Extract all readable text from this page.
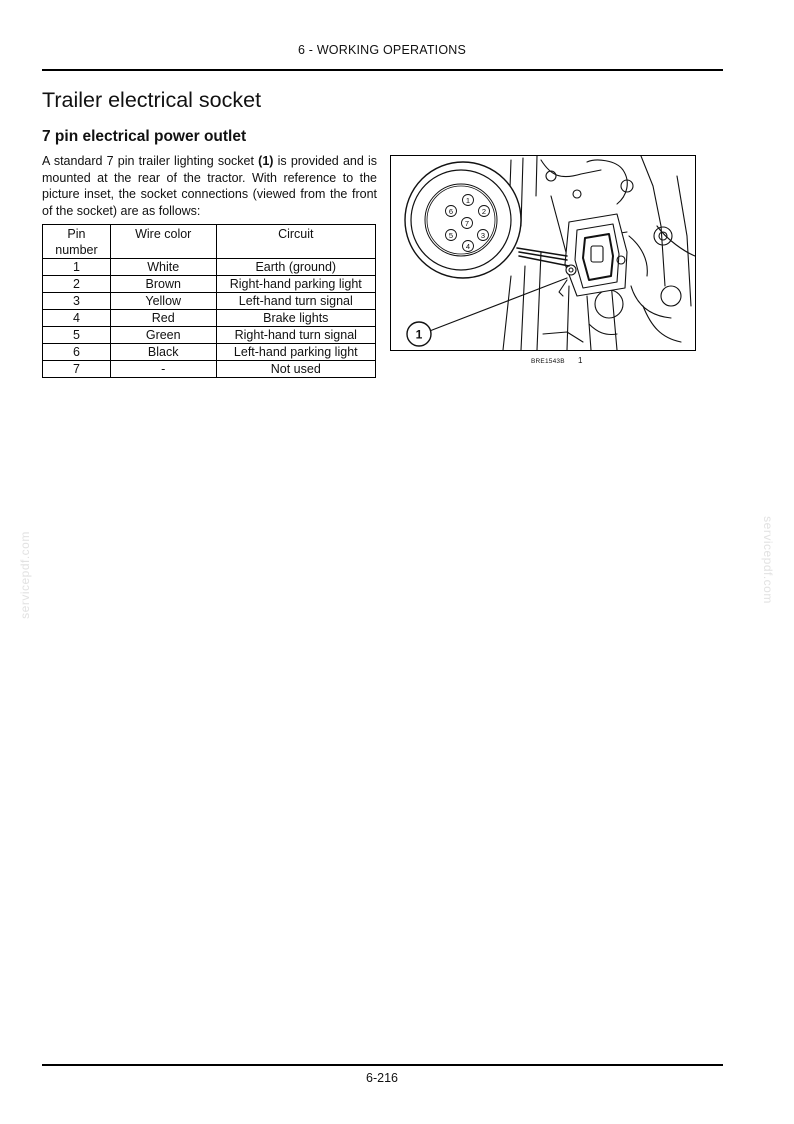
6 - WORKING OPERATIONS
Trailer electrical socket
7 pin electrical power outlet

A standard 7 pin trailer lighting socket (1) is provided and is mounted at the rear of the tractor. With reference to the picture inset, the socket connections (viewed from the front of the socket) are as follows:

Pin number	Wire color	Circuit
1	White	Earth (ground)
2	Brown	Right-hand parking light
3	Yellow	Left-hand turn signal
4	Red	Brake lights
5	Green	Right-hand turn signal
6	Black	Left-hand parking light
7	-	Not used
1
2
3
4
5
6
7
1
BRE1543B 1
servicepdf.com	servicepdf.com
6-216
